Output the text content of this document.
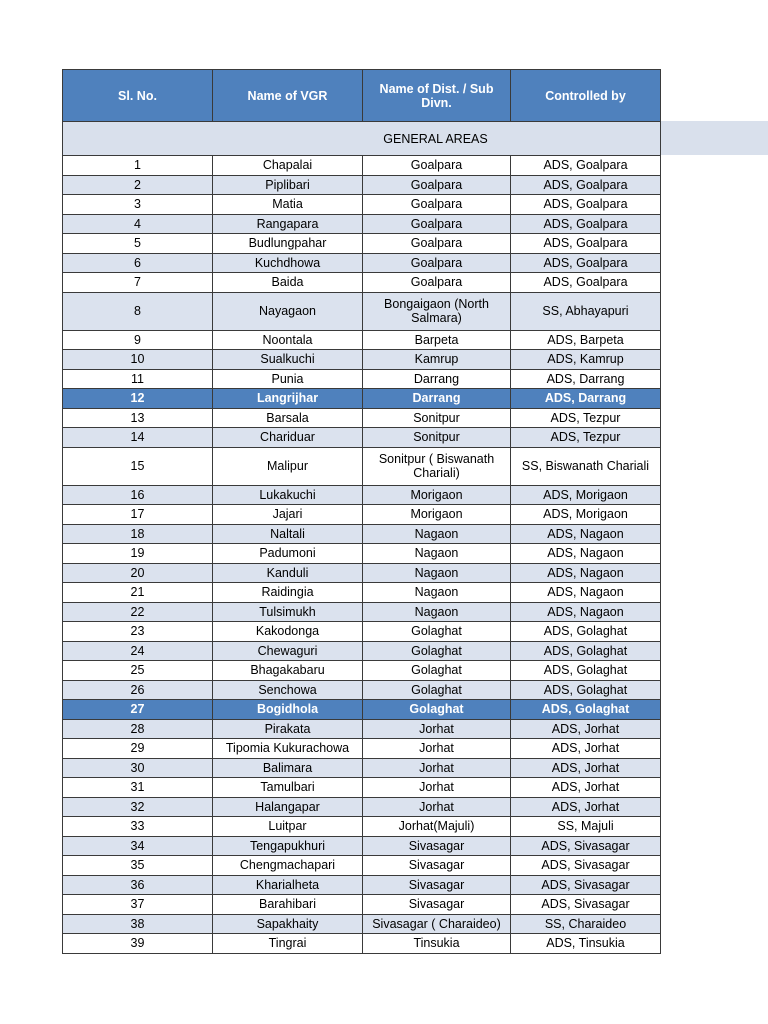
Sl. No.	Name of VGR	Name of Dist. / Sub Divn.	Controlled by
GENERAL AREAS			
1	Chapalai	Goalpara	ADS, Goalpara
2	Piplibari	Goalpara	ADS, Goalpara
3	Matia	Goalpara	ADS, Goalpara
4	Rangapara	Goalpara	ADS, Goalpara
5	Budlungpahar	Goalpara	ADS, Goalpara
6	Kuchdhowa	Goalpara	ADS, Goalpara
7	Baida	Goalpara	ADS, Goalpara
8	Nayagaon	Bongaigaon (North Salmara)	SS, Abhayapuri
9	Noontala	Barpeta	ADS, Barpeta
10	Sualkuchi	Kamrup	ADS, Kamrup
11	Punia	Darrang	ADS, Darrang
12	Langrijhar	Darrang	ADS, Darrang
13	Barsala	Sonitpur	ADS, Tezpur
14	Chariduar	Sonitpur	ADS, Tezpur
15	Malipur	Sonitpur ( Biswanath Chariali)	SS, Biswanath Chariali
16	Lukakuchi	Morigaon	ADS, Morigaon
17	Jajari	Morigaon	ADS, Morigaon
18	Naltali	Nagaon	ADS, Nagaon
19	Padumoni	Nagaon	ADS, Nagaon
20	Kanduli	Nagaon	ADS, Nagaon
21	Raidingia	Nagaon	ADS, Nagaon
22	Tulsimukh	Nagaon	ADS, Nagaon
23	Kakodonga	Golaghat	ADS, Golaghat
24	Chewaguri	Golaghat	ADS, Golaghat
25	Bhagakabaru	Golaghat	ADS, Golaghat
26	Senchowa	Golaghat	ADS, Golaghat
27	Bogidhola	Golaghat	ADS, Golaghat
28	Pirakata	Jorhat	ADS, Jorhat
29	Tipomia Kukurachowa	Jorhat	ADS, Jorhat
30	Balimara	Jorhat	ADS, Jorhat
31	Tamulbari	Jorhat	ADS, Jorhat
32	Halangapar	Jorhat	ADS, Jorhat
33	Luitpar	Jorhat(Majuli)	SS, Majuli
34	Tengapukhuri	Sivasagar	ADS, Sivasagar
35	Chengmachapari	Sivasagar	ADS, Sivasagar
36	Kharialheta	Sivasagar	ADS, Sivasagar
37	Barahibari	Sivasagar	ADS, Sivasagar
38	Sapakhaity	Sivasagar ( Charaideo)	SS, Charaideo
39	Tingrai	Tinsukia	ADS, Tinsukia
